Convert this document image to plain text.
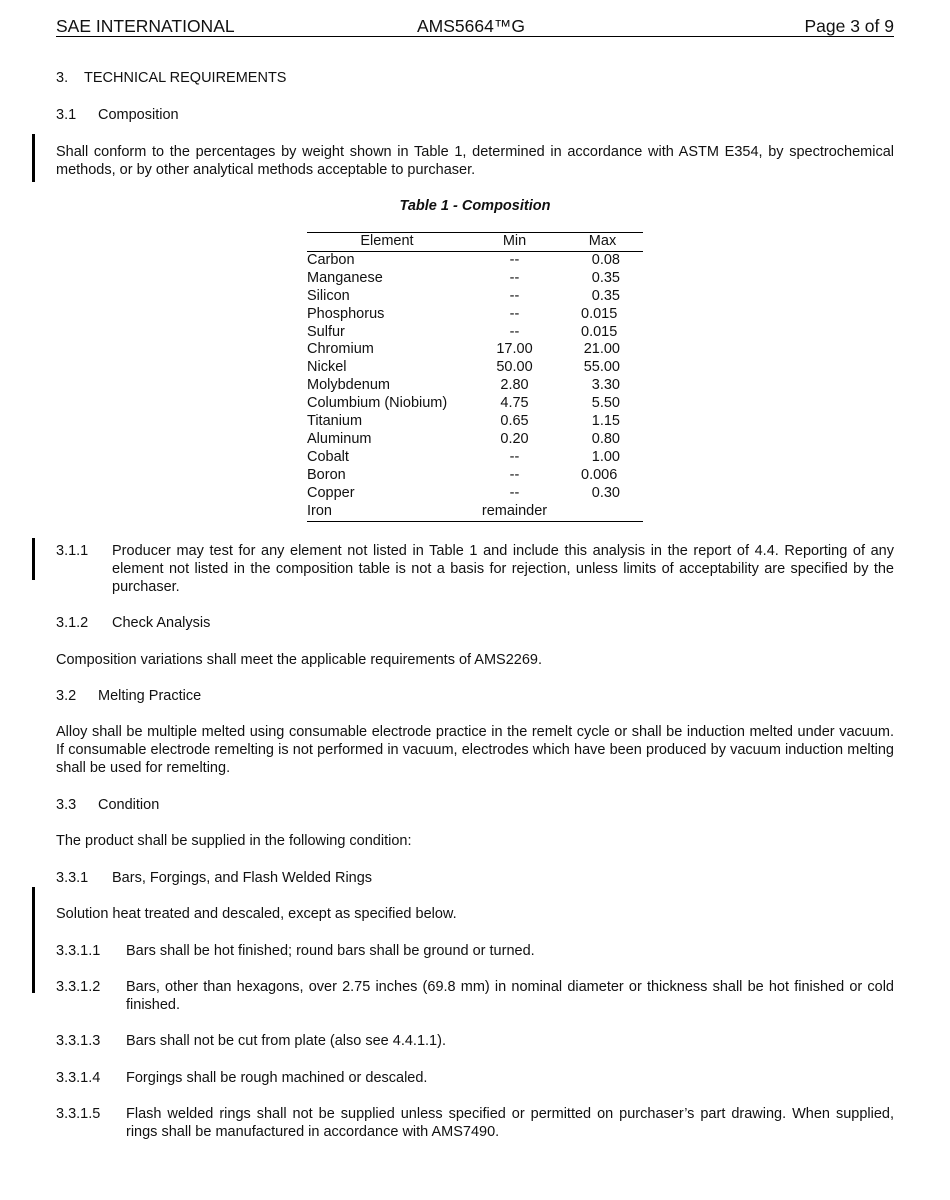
SAE INTERNATIONAL	AMS5664™G	Page 3 of 9
3. TECHNICAL REQUIREMENTS
3.1 Composition
Shall conform to the percentages by weight shown in Table 1, determined in accordance with ASTM E354, by spectrochemical methods, or by other analytical methods acceptable to purchaser.
Table 1 - Composition
Element	Min	Max
Carbon	--	0.08
Manganese	--	0.35
Silicon	--	0.35
Phosphorus	--	0.015
Sulfur	--	0.015
Chromium	17.00	21.00
Nickel	50.00	55.00
Molybdenum	2.80	3.30
Columbium (Niobium)	4.75	5.50
Titanium	0.65	1.15
Aluminum	0.20	0.80
Cobalt	--	1.00
Boron	--	0.006
Copper	--	0.30
Iron	remainder	
3.1.1 Producer may test for any element not listed in Table 1 and include this analysis in the report of 4.4. Reporting of any element not listed in the composition table is not a basis for rejection, unless limits of acceptability are specified by the purchaser.
3.1.2 Check Analysis
Composition variations shall meet the applicable requirements of AMS2269.
3.2 Melting Practice
Alloy shall be multiple melted using consumable electrode practice in the remelt cycle or shall be induction melted under vacuum. If consumable electrode remelting is not performed in vacuum, electrodes which have been produced by vacuum induction melting shall be used for remelting.
3.3 Condition
The product shall be supplied in the following condition:
3.3.1 Bars, Forgings, and Flash Welded Rings
Solution heat treated and descaled, except as specified below.
3.3.1.1 Bars shall be hot finished; round bars shall be ground or turned.
3.3.1.2 Bars, other than hexagons, over 2.75 inches (69.8 mm) in nominal diameter or thickness shall be hot finished or cold finished.
3.3.1.3 Bars shall not be cut from plate (also see 4.4.1.1).
3.3.1.4 Forgings shall be rough machined or descaled.
3.3.1.5 Flash welded rings shall not be supplied unless specified or permitted on purchaser’s part drawing. When supplied, rings shall be manufactured in accordance with AMS7490.
